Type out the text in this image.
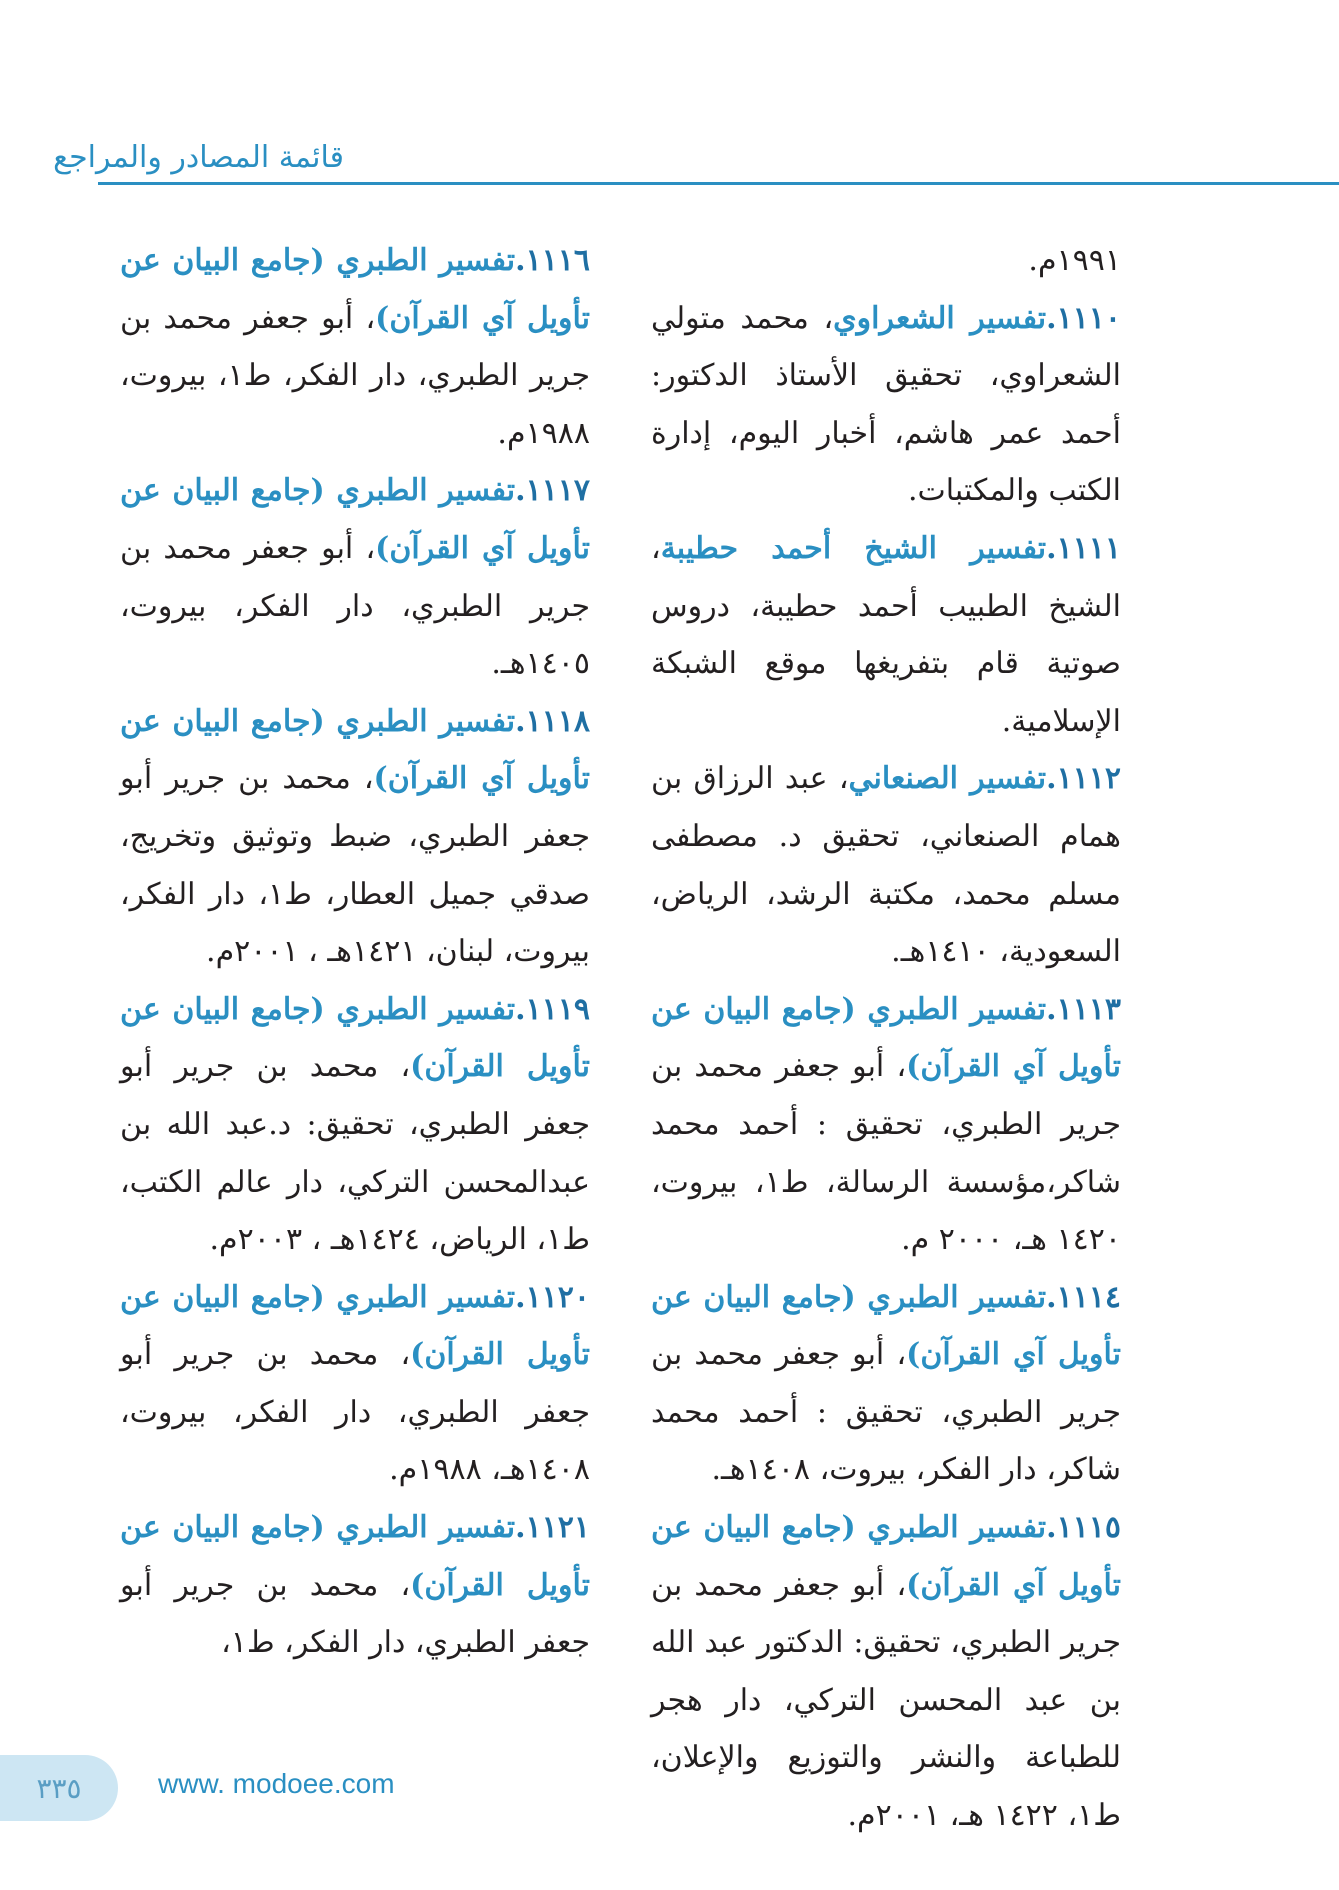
قائمة المصادر والمراجع

١٩٩١م.

١١١٠.تفسير الشعراوي، محمد متولي الشعراوي، تحقيق الأستاذ الدكتور: أحمد عمر هاشم، أخبار اليوم، إدارة الكتب والمكتبات.

١١١١.تفسير الشيخ أحمد حطيبة، الشيخ الطبيب أحمد حطيبة، دروس صوتية قام بتفريغها موقع الشبكة الإسلامية.

١١١٢.تفسير الصنعاني، عبد الرزاق بن همام الصنعاني، تحقيق د. مصطفى مسلم محمد، مكتبة الرشد، الرياض، السعودية، ١٤١٠هـ.

١١١٣.تفسير الطبري (جامع البيان عن تأويل آي القرآن)، أبو جعفر محمد بن جرير الطبري، تحقيق : أحمد محمد شاكر،مؤسسة الرسالة، ط١، بيروت، ١٤٢٠ هـ، ٢٠٠٠ م.

١١١٤.تفسير الطبري (جامع البيان عن تأويل آي القرآن)، أبو جعفر محمد بن جرير الطبري، تحقيق : أحمد محمد شاكر، دار الفكر، بيروت، ١٤٠٨هـ.

١١١٥.تفسير الطبري (جامع البيان عن تأويل آي القرآن)، أبو جعفر محمد بن جرير الطبري، تحقيق: الدكتور عبد الله بن عبد المحسن التركي، دار هجر للطباعة والنشر والتوزيع والإعلان، ط١، ١٤٢٢ هـ، ٢٠٠١م.

١١١٦.تفسير الطبري (جامع البيان عن تأويل آي القرآن)، أبو جعفر محمد بن جرير الطبري، دار الفكر، ط١، بيروت، ١٩٨٨م.

١١١٧.تفسير الطبري (جامع البيان عن تأويل آي القرآن)، أبو جعفر محمد بن جرير الطبري، دار الفكر، بيروت، ١٤٠٥هـ.

١١١٨.تفسير الطبري (جامع البيان عن تأويل آي القرآن)، محمد بن جرير أبو جعفر الطبري، ضبط وتوثيق وتخريج، صدقي جميل العطار، ط١، دار الفكر، بيروت، لبنان، ١٤٢١هـ ، ٢٠٠١م.

١١١٩.تفسير الطبري (جامع البيان عن تأويل القرآن)، محمد بن جرير أبو جعفر الطبري، تحقيق: د.عبد الله بن عبدالمحسن التركي، دار عالم الكتب، ط١، الرياض، ١٤٢٤هـ ، ٢٠٠٣م.

١١٢٠.تفسير الطبري (جامع البيان عن تأويل القرآن)، محمد بن جرير أبو جعفر الطبري، دار الفكر، بيروت، ١٤٠٨هـ، ١٩٨٨م.

١١٢١.تفسير الطبري (جامع البيان عن تأويل القرآن)، محمد بن جرير أبو جعفر الطبري، دار الفكر، ط١،

٣٣٥	www. modoee.com
